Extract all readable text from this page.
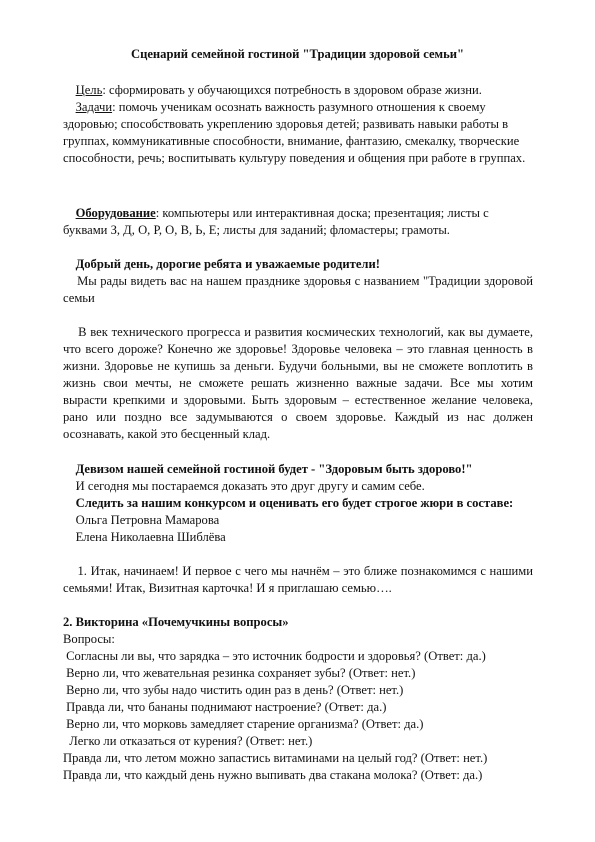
Сценарий семейной гостиной "Традиции здоровой семьи"

Цель: сформировать у обучающихся потребность в здоровом образе жизни.

Задачи: помочь ученикам осознать важность разумного отношения к своему здоровью; способствовать укреплению здоровья детей; развивать навыки работы в группах, коммуникативные способности, внимание, фантазию, смекалку, творческие способности, речь; воспитывать культуру поведения и общения при работе в группах.

Оборудование: компьютеры или интерактивная доска; презентация; листы с буквами З, Д, О, Р, О, В, Ь, Е; листы для заданий; фломастеры; грамоты.

Добрый день, дорогие ребята и уважаемые родители!

Мы рады видеть вас на нашем празднике здоровья с названием "Традиции здоровой семьи

В век технического прогресса и развития космических технологий, как вы думаете, что всего дороже? Конечно же здоровье! Здоровье человека – это главная ценность в жизни. Здоровье не купишь за деньги. Будучи больными, вы не сможете воплотить в жизнь свои мечты, не сможете решать жизненно важные задачи. Все мы хотим вырасти крепкими и здоровыми. Быть здоровым – естественное желание человека, рано или поздно все задумываются о своем здоровье. Каждый из нас должен осознавать, какой это бесценный клад.

Девизом нашей семейной гостиной будет - "Здоровым быть здорово!"

И сегодня мы постараемся доказать это друг другу и самим себе.

Следить за нашим конкурсом и оценивать его будет строгое жюри в составе:

Ольга Петровна Мамарова

Елена Николаевна Шиблёва

1. Итак, начинаем! И первое с чего мы начнём – это ближе познакомимся с нашими семьями! Итак, Визитная карточка! И я приглашаю семью….

2. Викторина «Почемучкины вопросы»

Вопросы:

Согласны ли вы, что зарядка – это источник бодрости и здоровья? (Ответ: да.)

Верно ли, что жевательная резинка сохраняет зубы? (Ответ: нет.)

Верно ли, что зубы надо чистить один раз в день? (Ответ: нет.)

Правда ли, что бананы поднимают настроение? (Ответ: да.)

Верно ли, что морковь замедляет старение организма? (Ответ: да.)

Легко ли отказаться от курения? (Ответ: нет.)

Правда ли, что летом можно запастись витаминами на целый год? (Ответ: нет.)

Правда ли, что каждый день нужно выпивать два стакана молока? (Ответ: да.)
